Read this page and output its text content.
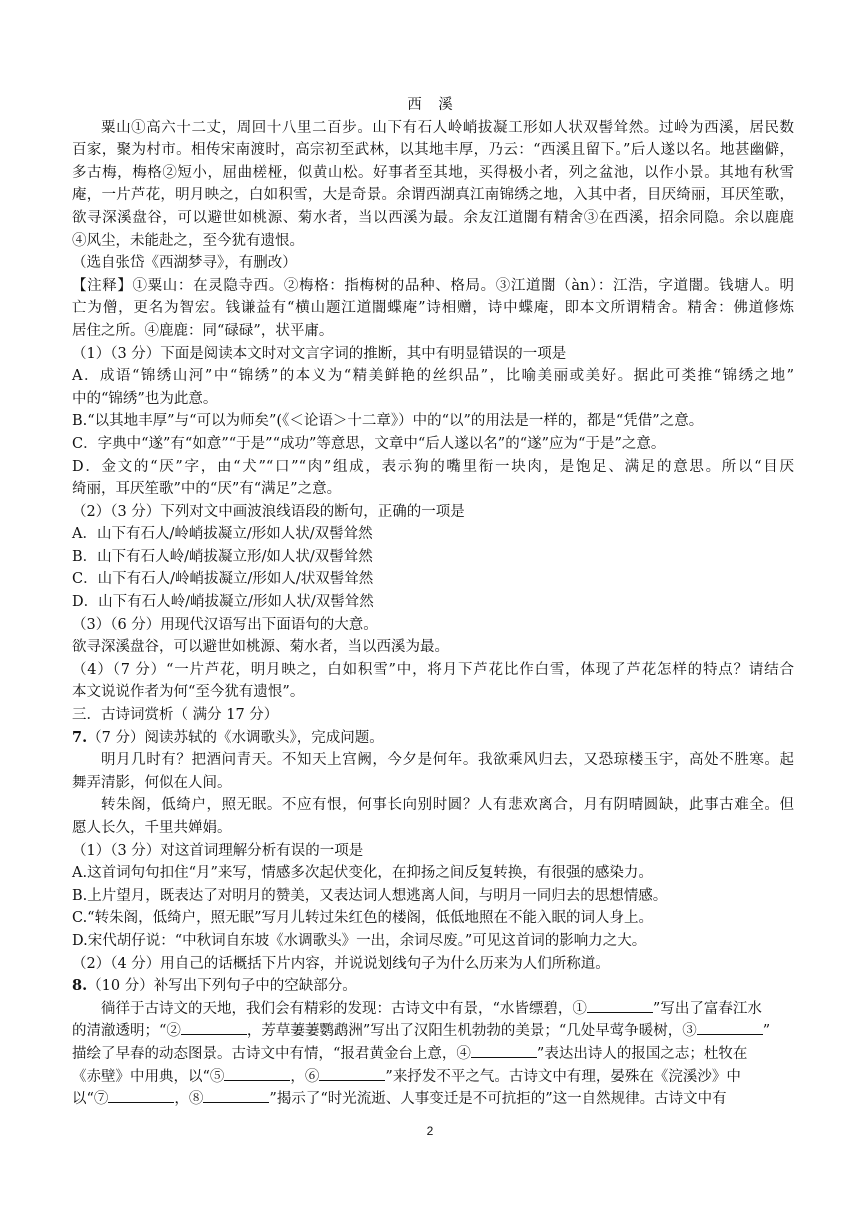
西 溪

粟山①高六十二丈，周回十八里二百步。山下有石人岭峭拔凝工形如人状双髻耸然。过岭为西溪，居民数

百家，聚为村市。相传宋南渡时，高宗初至武林，以其地丰厚，乃云：“西溪且留下。”后人遂以名。地甚幽僻，

多古梅，梅格②短小，屈曲槎桠，似黄山松。好事者至其地，买得极小者，列之盆池，以作小景。其地有秋雪

庵，一片芦花，明月映之，白如积雪，大是奇景。余谓西湖真江南锦绣之地，入其中者，目厌绮丽，耳厌笙歌，

欲寻深溪盘谷，可以避世如桃源、菊水者，当以西溪为最。余友江道闇有精舍③在西溪，招余同隐。余以鹿鹿

④风尘，未能赴之，至今犹有遗恨。

（选自张岱《西湖梦寻》，有删改）

【注释】①粟山：在灵隐寺西。②梅格：指梅树的品种、格局。③江道闇（àn）：江浩，字道闇。钱塘人。明

亡为僧，更名为智宏。钱谦益有“横山题江道闇蝶庵”诗相赠，诗中蝶庵，即本文所谓精舍。精舍：佛道修炼

居住之所。④鹿鹿：同“碌碌”，状平庸。

（1）（3 分）下面是阅读本文时对文言字词的推断，其中有明显错误的一项是

A．成语“锦绣山河”中“锦绣”的本义为“精美鲜艳的丝织品”，比喻美丽或美好。据此可类推“锦绣之地”

中的“锦绣”也为此意。

B.“以其地丰厚”与“可以为师矣”(《＜论语＞十二章》）中的“以”的用法是一样的，都是“凭借”之意。

C．字典中“遂”有“如意”“于是”“成功”等意思，文章中“后人遂以名”的“遂”应为“于是”之意。

D．金文的“厌”字，由“犬”“口”“肉”组成，表示狗的嘴里衔一块肉，是饱足、满足的意思。所以“目厌

绮丽，耳厌笙歌”中的“厌”有“满足”之意。

（2）（3 分）下列对文中画波浪线语段的断句，正确的一项是

A．山下有石人/岭峭拔凝立/形如人状/双髻耸然

B．山下有石人岭/峭拔凝立形/如人状/双髻耸然

C．山下有石人/岭峭拔凝立/形如人/状双髻耸然

D．山下有石人岭/峭拔凝立/形如人状/双髻耸然

（3）（6 分）用现代汉语写出下面语句的大意。

欲寻深溪盘谷，可以避世如桃源、菊水者，当以西溪为最。

（4）（7 分）“一片芦花，明月映之，白如积雪”中，将月下芦花比作白雪，体现了芦花怎样的特点？请结合

本文说说作者为何“至今犹有遗恨”。

三．古诗词赏析（ 满分 17 分）

7.（7 分）阅读苏轼的《水调歌头》，完成问题。

明月几时有？把酒问青天。不知天上宫阙，今夕是何年。我欲乘风归去，又恐琼楼玉宇，高处不胜寒。起

舞弄清影，何似在人间。

转朱阁，低绮户，照无眠。不应有恨，何事长向别时圆？人有悲欢离合，月有阴晴圆缺，此事古难全。但

愿人长久，千里共婵娟。

（1）（3 分）对这首词理解分析有误的一项是

A.这首词句句扣住“月”来写，情感多次起伏变化，在抑扬之间反复转换，有很强的感染力。

B.上片望月，既表达了对明月的赞美，又表达词人想逃离人间，与明月一同归去的思想情感。

C.“转朱阁，低绮户，照无眠”写月儿转过朱红色的楼阁，低低地照在不能入眠的词人身上。

D.宋代胡仔说：“中秋词自东坡《水调歌头》一出，余词尽废。”可见这首词的影响力之大。

（2）（4 分）用自己的话概括下片内容，并说说划线句子为什么历来为人们所称道。

8.（10 分）补写出下列句子中的空缺部分。

徜徉于古诗文的天地，我们会有精彩的发现：古诗文中有景，“水皆缥碧，①	”写出了富春江水

的清澈透明；“②	，芳草萋萋鹦鹉洲”写出了汉阳生机勃勃的美景；“几处早莺争暖树，③	”

描绘了早春的动态图景。古诗文中有情，“报君黄金台上意，④	”表达出诗人的报国之志；杜牧在

《赤壁》中用典，以“⑤	，⑥	”来抒发不平之气。古诗文中有理，晏殊在《浣溪沙》中

以“⑦	，⑧	”揭示了“时光流逝、人事变迁是不可抗拒的”这一自然规律。古诗文中有

2
